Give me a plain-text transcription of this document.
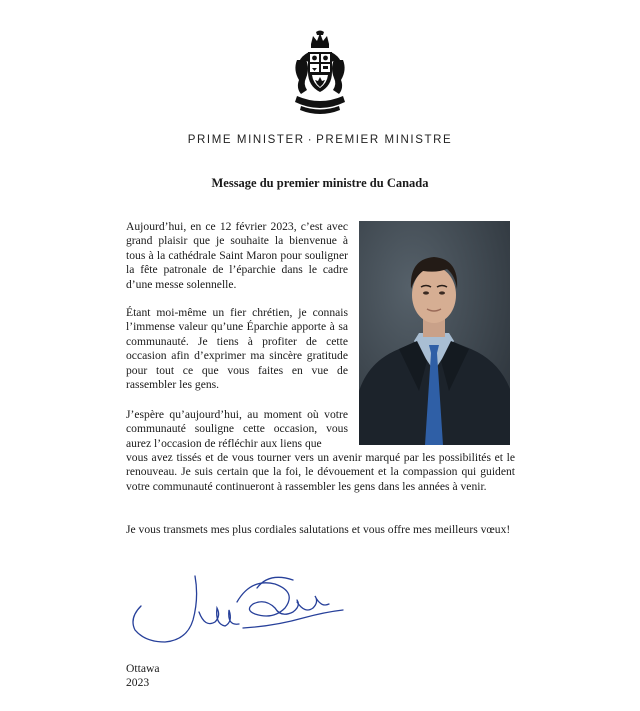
PRIME MINISTER · PREMIER MINISTRE
Message du premier ministre du Canada

Aujourd’hui, en ce 12 février 2023, c’est avec grand plaisir que je souhaite la bienvenue à tous à la cathédrale Saint Maron pour souligner la fête patronale de l’éparchie dans le cadre d’une messe solennelle.

Étant moi-même un fier chrétien, je connais l’immense valeur qu’une Éparchie apporte à sa communauté. Je tiens à profiter de cette occasion afin d’exprimer ma sincère gratitude pour tout ce que vous faites en vue de rassembler les gens.

J’espère qu’aujourd’hui, au moment où votre communauté souligne cette occasion, vous aurez l’occasion de réfléchir aux liens que

vous avez tissés et de vous tourner vers un avenir marqué par les possibilités et le renouveau. Je suis certain que la foi, le dévouement et la compassion qui guident votre communauté continueront à rassembler les gens dans les années à venir.

Je vous transmets mes plus cordiales salutations et vous offre mes meilleurs vœux!

Ottawa
2023
